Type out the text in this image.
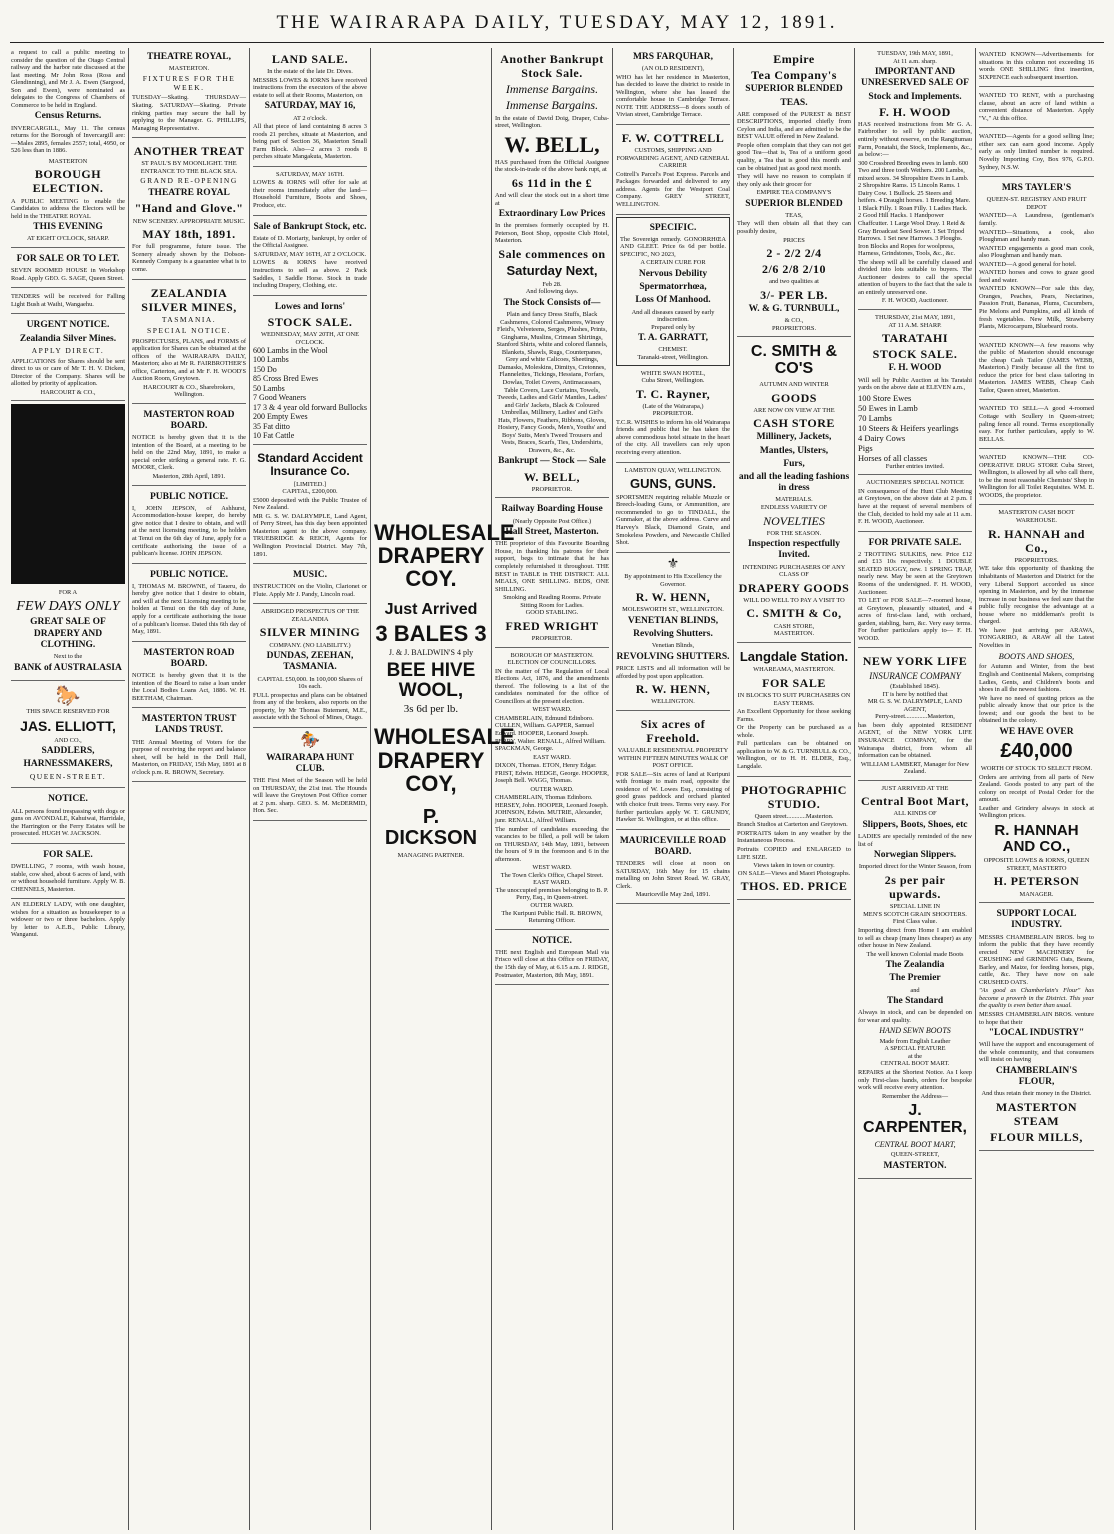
THE WAIRARAPA DAILY, TUESDAY, MAY 12, 1891.
a request to call a public meeting to consider the question of the Otago Central railway and the harbor rate discussed at the last meeting. Mr John Ross (Ross and Glendinning), and Mr J. A. Ewen (Sargood, Son and Ewen), were nominated as delegates to the Congress of Chambers of Commerce to be held in England.
Census Returns.
INVERCARGILL, May 11. The census returns for the Borough of Invercargill are:—Males 2895, females 2557; total, 4950, or 526 less than in 1886.
MASTERTON
BOROUGH ELECTION.
A PUBLIC MEETING to enable the Candidates to address the Electors will be held in the THEATRE ROYAL
THIS EVENING
AT EIGHT O'CLOCK, SHARP.
FOR SALE OR TO LET.
SEVEN ROOMED HOUSE in Workshop Road. Apply GEO. G. SAGE, Queen Street.
TENDERS will be received for Falling Light Bush at Waihi, Wangaehu.
URGENT NOTICE.
Zealandia Silver Mines.
APPLY DIRECT.
APPLICATIONS for Shares should be sent direct to us or care of Mr T. H. V. Dicken, Director of the Company. Shares will be allotted by priority of application.
HARCOURT & CO.,
FOR A
FEW DAYS ONLY
GREAT SALE OF DRAPERY AND CLOTHING.
Next to the
BANK of AUSTRALASIA
🐎
THIS SPACE RESERVED FOR
JAS. ELLIOTT,
AND CO.,
SADDLERS,
HARNESSMAKERS,
QUEEN-STREET.
NOTICE.
ALL persons found trespassing with dogs or guns on AVONDALE, Kahuiwai, Harridale, the Harrington or the Ferry Estates will be prosecuted. HUGH W. JACKSON.
FOR SALE.
DWELLING, 7 rooms, with wash house, stable, cow shed, about 6 acres of land, with or without household furniture. Apply W. B. CHENNELS, Masterton.
AN ELDERLY LADY, with one daughter, wishes for a situation as housekeeper to a widower or two or three bachelors. Apply by letter to A.E.B., Public Library, Wanganui.
THEATRE ROYAL,
MASTERTON.
FIXTURES FOR THE WEEK.
TUESDAY—Skating. THURSDAY—Skating. SATURDAY—Skating. Private rinking parties may secure the hall by applying to the Manager. G. PHILLIPS, Managing Representative.
ANOTHER TREAT
ST PAUL'S BY MOONLIGHT. THE ENTRANCE TO THE BLACK SEA.
GRAND RE-OPENING
THEATRE ROYAL
"Hand and Glove."
NEW SCENERY. APPROPRIATE MUSIC.
MAY 18th, 1891.
For full programme, future issue. The Scenery already shown by the Dobson-Kennedy Company is a guarantee what is to come.
ZEALANDIA SILVER MINES,
TASMANIA.
SPECIAL NOTICE.
PROSPECTUSES, PLANS, and FORMS of application for Shares can be obtained at the offices of the WAIRARAPA DAILY, Masterton; also at Mr R. FAIRBROTHER'S office, Carterton, and at Mr F. H. WOOD'S Auction Room, Greytown.
HARCOURT & CO., Sharebrokers, Wellington.
MASTERTON ROAD BOARD.
NOTICE is hereby given that it is the intention of the Board, at a meeting to be held on the 22nd May, 1891, to make a special order striking a general rate. F. G. MOORE, Clerk.
Masterton, 28th April, 1891.
PUBLIC NOTICE.
I, JOHN JEPSON, of Ashhurst, Accommodation-house keeper, do hereby give notice that I desire to obtain, and will at the next licensing meeting, to be holden at Tenui on the 6th day of June, apply for a certificate authorising the issue of a publican's license. JOHN JEPSON.
PUBLIC NOTICE.
I, THOMAS M. BROWNE, of Taueru, do hereby give notice that I desire to obtain, and will at the next Licensing meeting to be holden at Tenui on the 6th day of June, apply for a certificate authorising the issue of a publican's license. Dated this 6th day of May, 1891.
MASTERTON ROAD BOARD.
NOTICE is hereby given that it is the intention of the Board to raise a loan under the Local Bodies Loans Act, 1886. W. H. BEETHAM, Chairman.
MASTERTON TRUST LANDS TRUST.
THE Annual Meeting of Voters for the purpose of receiving the report and balance sheet, will be held in the Drill Hall, Masterton, on FRIDAY, 15th May, 1891 at 8 o'clock p.m. R. BROWN, Secretary.
LAND SALE.
In the estate of the late Dr. Dives.
MESSRS LOWES & IORNS have received instructions from the executors of the above estate to sell at their Rooms, Masterton, on
SATURDAY, MAY 16,
AT 2 o'clock.
All that piece of land containing 8 acres 3 roods 21 perches, situate at Masterton, and being part of Section 36, Masterton Small Farm Block. Also—2 acres 3 roods 8 perches situate Mangakuta, Masterton.
SATURDAY, MAY 16TH.
LOWES & IORNS will offer for sale at their rooms immediately after the land—Household Furniture, Boots and Shoes, Produce, etc.
Sale of Bankrupt Stock, etc.
Estate of D. Moriarty, bankrupt, by order of the Official Assignee.
SATURDAY, MAY 16TH, AT 2 O'CLOCK.
LOWES & IORNS have received instructions to sell as above. 2 Pack Saddles, 1 Saddle Horse. Stock in trade including Drapery, Clothing, etc.
Lowes and Iorns'
STOCK SALE.
WEDNESDAY, MAY 20TH, AT ONE O'CLOCK.
600 Lambs in the Wool
100 Lambs
150 Do
85 Cross Bred Ewes
50 Lambs
7 Good Weaners
17 3 & 4 year old forward Bullocks
200 Empty Ewes
35 Fat ditto
10 Fat Cattle
Standard Accident Insurance Co.
[LIMITED.]
CAPITAL, £200,000.
£5000 deposited with the Public Trustee of New Zealand.
MR G. S. W. DALRYMPLE, Land Agent, of Perry Street, has this day been appointed Masterton agent to the above company. TRUEBRIDGE & REICH, Agents for Wellington Provincial District. May 7th, 1891.
MUSIC.
INSTRUCTION on the Violin, Clarionet or Flute. Apply Mr J. Pandy, Lincoln road.
ABRIDGED PROSPECTUS OF THE ZEALANDIA
SILVER MINING
COMPANY. (NO LIABILITY.)
DUNDAS, ZEEHAN, TASMANIA.
CAPITAL £50,000. In 100,000 Shares of 10s each.
FULL prospectus and plans can be obtained from any of the brokers, also reports on the property, by Mr Thomas Butement, M.E., associate with the School of Mines, Otago.
🏇
WAIRARAPA HUNT CLUB.
THE First Meet of the Season will be held on THURSDAY, the 21st inst. The Hounds will leave the Greytown Post Office corner at 2 p.m. sharp. GEO. S. M. McDERMID, Hon. Sec.
WHOLESALE DRAPERY COY.
Just Arrived
3 BALES 3
J. & J. BALDWIN'S 4 ply
BEE HIVE WOOL,
3s 6d per lb.
WHOLESALE DRAPERY COY,
P. DICKSON
MANAGING PARTNER.
Another Bankrupt Stock Sale.
Immense Bargains.
Immense Bargains.
In the estate of David Doig, Draper, Cuba-street, Wellington.
W. BELL,
HAS purchased from the Official Assignee the stock-in-trade of the above bank rupt, at
6s 11d in the £
And will clear the stock out in a short time at
Extraordinary Low Prices
In the premises formerly occupied by H. Peterson, Boot Shop, opposite Club Hotel, Masterton.
Sale commences on
Saturday Next,
Feb 28.
And following days.
The Stock Consists of—
Plain and fancy Dress Stuffs, Black Cashmeres, Colored Cashmeres, Winsey Fleid's, Velveteens, Serges, Plushes, Prints, Ginghams, Muslins, Crimean Shirtings, Stanford Shirts, white and colored flannels, Blankets, Shawls, Rugs, Counterpanes, Grey and white Calicoes, Sheetings, Damasks, Moleskins, Dimitys, Cretonnes, Flannelettes, Tickings, Hessians, Forfars, Dowlas, Toilet Covers, Antimacassars, Table Covers, Lace Curtains, Towels, Tweeds, Ladies and Girls' Mantles, Ladies' and Girls' Jackets, Black & Coloured Umbrellas, Millinery, Ladies' and Girl's Hats, Flowers, Feathers, Ribbons, Gloves, Hosiery, Fancy Goods, Men's, Youths' and Boys' Suits, Men's Tweed Trousers and Vests, Braces, Scarfs, Ties, Undershirts, Drawers, &c., &c.
Bankrupt — Stock — Sale
W. BELL,
PROPRIETOR.
Railway Boarding House
(Nearly Opposite Post Office.)
Hall Street, Masterton.
THE proprietor of this Favourite Boarding House, in thanking his patrons for their support, begs to intimate that he has completely refurnished it throughout. THE BEST in TABLE in THE DISTRICT. ALL MEALS, ONE SHILLING. BEDS, ONE SHILLING.
Smoking and Reading Rooms. Private Sitting Room for Ladies.
GOOD STABLING.
FRED WRIGHT
PROPRIETOR.
BOROUGH OF MASTERTON.
ELECTION OF COUNCILLORS.
IN the matter of The Regulation of Local Elections Act, 1876, and the amendments thereof. The following is a list of the candidates nominated for the office of Councillors at the present election.
WEST WARD.
CHAMBERLAIN, Edmund Edinboro. CULLEN, William. GAPPER, Samuel Edward. HOOPER, Leonard Joseph. PERRY, Walter. RENALL, Alfred William. SPACKMAN, George.
EAST WARD.
DIXON, Thomas. ETON, Henry Edgar. FRIST, Edwin. HEDGE, George. HOOPER, Joseph Bell. WAGG, Thomas.
OUTER WARD.
CHAMBERLAIN, Thomas Edinboro. HERSEY, John. HOOPER, Leonard Joseph. JOHNSON, Edwin. MUTRIE, Alexander, junr. RENALL, Alfred William.
The number of candidates exceeding the vacancies to be filled, a poll will be taken on THURSDAY, 14th May, 1891, between the hours of 9 in the forenoon and 6 in the afternoon.
WEST WARD.
The Town Clerk's Office, Chapel Street.
EAST WARD.
The unoccupied premises belonging to B. P. Perry, Esq., in Queen-street.
OUTER WARD.
The Kuripuni Public Hall. R. BROWN, Returning Officer.
NOTICE.
THE next English and European Mail via Frisco will close at this Office on FRIDAY, the 15th day of May, at 6.15 a.m. J. RIDGE, Postmaster, Masterton, 8th May, 1891.
MRS FARQUHAR,
(AN OLD RESIDENT),
WHO has let her residence in Masterton, has decided to leave the district to reside in Wellington, where she has leased the comfortable house in Cambridge Terrace. NOTE THE ADDRESS—8 doors south of Vivian street, Cambridge Terrace.
F. W. COTTRELL
CUSTOMS, SHIPPING AND FORWARDING AGENT, AND GENERAL CARRIER
Cottrell's Parcel's Post Express. Parcels and Packages forwarded and delivered to any address. Agents for the Westport Coal Company. GREY STREET, WELLINGTON.
SPECIFIC.
The Sovereign remedy. GONORRHŒA AND GLEET. Price 6s 6d per bottle. SPECIFIC, NO 2023,
A CERTAIN CURE FOR
Nervous Debility
Spermatorrhœa,
Loss Of Manhood.
And all diseases caused by early indiscretion.
Prepared only by
T. A. GARRATT,
CHEMIST.
Taranaki-street, Wellington.
WHITE SWAN HOTEL,
Cuba Street, Wellington.
T. C. Rayner,
(Late of the Wairarapa,)
PROPRIETOR.
T.C.R. WISHES to inform his old Wairarapa friends and public that he has taken the above commodious hotel situate in the heart of the city. All travellers can rely upon receiving every attention.
LAMBTON QUAY, WELLINGTON.
GUNS, GUNS.
SPORTSMEN requiring reliable Muzzle or Breech-loading Guns, or Ammunition, are recommended to go to TINDALL, the Gunmaker, at the above address. Curve and Harvey's Black, Diamond Grain, and Smokeless Powders, and Newcastle Chilled Shot.
⚜
By appointment to His Excellency the Governor.
R. W. HENN,
MOLESWORTH ST., WELLINGTON.
VENETIAN BLINDS,
Revolving Shutters.
Venetian Blinds,
REVOLVING SHUTTERS.
PRICE LISTS and all information will be afforded by post upon application.
R. W. HENN,
WELLINGTON.
Six acres of Freehold.
VALUABLE RESIDENTIAL PROPERTY WITHIN FIFTEEN MINUTES WALK OF POST OFFICE.
FOR SALE—Six acres of land at Kuripuni with frontage to main road, opposite the residence of W. Lowes Esq., consisting of good grass paddock and orchard planted with choice fruit trees. Terms very easy. For further particulars apply W. T. GRUNDY, Hawker St. Wellington, or at this office.
MAURICEVILLE ROAD BOARD.
TENDERS will close at noon on SATURDAY, 16th May for 15 chains metalling on John Street Road. W. GRAY, Clerk.
Mauriceville May 2nd, 1891.
Empire
Tea Company's
SUPERIOR BLENDED
TEAS.
ARE composed of the PUREST & BEST DESCRIPTIONS, imported chiefly from Ceylon and India, and are admitted to be the BEST VALUE offered in New Zealand.
People often complain that they can not get good Tea—that is, Tea of a uniform good quality, a Tea that is good this month and can be obtained just as good next month.
They will have no reason to complain if they only ask their grocer for
EMPIRE TEA COMPANY'S
SUPERIOR BLENDED
TEAS,
They will then obtain all that they can possibly desire,
PRICES
2 - 2/2 2/4
2/6 2/8 2/10
and two qualities at
3/- PER LB.
W. & G. TURNBULL,
& CO.,
PROPRIETORS.
C. SMITH & CO'S
AUTUMN AND WINTER
GOODS
ARE NOW ON VIEW AT THE
CASH STORE
Millinery, Jackets,
Mantles, Ulsters,
Furs,
and all the leading fashions in dress
MATERIALS.
ENDLESS VARIETY OF
NOVELTIES
FOR THE SEASON.
Inspection respectfully Invited.
INTENDING PURCHASERS OF ANY CLASS OF
DRAPERY GOODS
WILL DO WELL TO PAY A VISIT TO
C. SMITH & Co,
CASH STORE,
MASTERTON.
Langdale Station.
WHAREAMA, MASTERTON.
FOR SALE
IN BLOCKS TO SUIT PURCHASERS ON EASY TERMS.
An Excellent Opportunity for those seeking Farms.
Or the Property can be purchased as a whole.
Full particulars can be obtained on application to W. & G. TURNBULL & CO., Wellington, or to H. H. ELDER, Esq., Langdale.
PHOTOGRAPHIC STUDIO.
Queen street............Masterton.
Branch Studios at Carterton and Greytown.
PORTRAITS taken in any weather by the Instantaneous Process.
Portraits COPIED and ENLARGED to LIFE SIZE.
Views taken in town or country.
ON SALE—Views and Maori Photographs.
THOS. ED. PRICE
TUESDAY, 19th MAY, 1891,
At 11 a.m. sharp.
IMPORTANT AND UNRESERVED SALE OF
Stock and Implements.
F. H. WOOD
HAS received instructions from Mr G. A. Fairbrother to sell by public auction, entirely without reserve, on the Rangitumau Farm, Ponatahi, the Stock, Implements, &c., as below:—
300 Crossbred Breeding ewes in lamb. 600 Two and three tooth Wethers. 200 Lambs, mixed sexes. 34 Shropshire Ewes in Lamb. 2 Shropshire Rams. 15 Lincoln Rams. 1 Dairy Cow. 1 Bullock. 25 Steers and heifers. 4 Draught horses. 1 Breeding Mare. 1 Black Filly. 1 Roan Filly. 1 Ladies Hack. 2 Good Hill Hacks. 1 Handpower Chaffcutter. 1 Large Wool Dray. 1 Reid & Gray Broadcast Seed Sower. 1 Set Tripod Harrows. 1 Set new Harrows. 3 Ploughs. Iron Blocks and Ropes for woolpress, Harness, Grindstones, Tools, &c., &c.
The sheep will all be carefully classed and divided into lots suitable to buyers. The Auctioneer desires to call the special attention of buyers to the fact that the sale is an entirely unreserved one.
F. H. WOOD, Auctioneer.
THURSDAY, 21st MAY, 1891,
AT 11 A.M. SHARP.
TARATAHI
STOCK SALE.
F. H. WOOD
Will sell by Public Auction at his Taratahi yards on the above date at ELEVEN a.m.,
100 Store Ewes
50 Ewes in Lamb
70 Lambs
10 Steers & Heifers yearlings
4 Dairy Cows
Pigs
Horses of all classes
Further entries invited.
AUCTIONEER'S SPECIAL NOTICE
IN consequence of the Hunt Club Meeting at Greytown, on the above date at 2 p.m. I have at the request of several members of the Club, decided to hold my sale at 11 a.m. F. H. WOOD, Auctioneer.
FOR PRIVATE SALE.
2 TROTTING SULKIES, new. Price £12 and £13 10s respectively. 1 DOUBLE SEATED BUGGY, new. 1 SPRING TRAP, nearly new. May be seen at the Greytown Rooms of the undersigned. F. H. WOOD, Auctioneer.
TO LET or FOR SALE—7-roomed house, at Greytown, pleasantly situated, and 4 acres of first-class land, with orchard, garden, stabling, barn, &c. Very easy terms. For further particulars apply to— F. H. WOOD.
NEW YORK LIFE
INSURANCE COMPANY
(Established 1845).
IT is here by notified that
MR G. S. W. DALRYMPLE, LAND AGENT,
Perry-street..............Masterton,
has been duly appointed RESIDENT AGENT, of the NEW YORK LIFE INSURANCE COMPANY, for the Wairarapa district, from whom all information can be obtained.
WILLIAM LAMBERT, Manager for New Zealand.
JUST ARRIVED AT THE
Central Boot Mart,
ALL KINDS OF
Slippers, Boots, Shoes, etc
LADIES are specially reminded of the new list of
Norwegian Slippers.
Imported direct for the Winter Season, from
2s per pair upwards.
SPECIAL LINE IN
MEN'S SCOTCH GRAIN SHOOTERS.
First Class value.
Importing direct from Home I am enabled to sell as cheap (many lines cheaper) as any other house in New Zealand.
The well known Colonial made Boots
The Zealandia
The Premier
and
The Standard
Always in stock, and can be depended on for wear and quality.
HAND SEWN BOOTS
Made from English Leather
A SPECIAL FEATURE
at the
CENTRAL BOOT MART.
REPAIRS at the Shortest Notice. As I keep only First-class hands, orders for bespoke work will receive every attention.
Remember the Address—
J. CARPENTER,
CENTRAL BOOT MART,
QUEEN-STREET,
MASTERTON.
WANTED KNOWN—Advertisements for situations in this column not exceeding 16 words ONE SHILLING first insertion, SIXPENCE each subsequent insertion.
WANTED TO RENT, with a purchasing clause, about an acre of land within a convenient distance of Masterton. Apply "V.," At this office.
WANTED—Agents for a good selling line; either sex can earn good income. Apply early as only limited number is required. Novelty Importing Coy, Box 976, G.P.O. Sydney, N.S.W.
MRS TAYLER'S
QUEEN-ST. REGISTRY AND FRUIT DEPOT
WANTED—A Laundress, (gentleman's family.
WANTED—Situations, a cook, also Ploughman and handy man.
WANTED engagements a good man cook, also Ploughman and handy man.
WANTED—A good general for hotel.
WANTED horses and cows to graze good feed and water.
WANTED KNOWN—For sale this day, Oranges, Peaches, Pears, Nectarines, Passion Fruit, Bananas, Plums, Cucumbers, Pie Melons and Pumpkins, and all kinds of fresh vegetables. New Milk, Strawberry Plants, Microcarpum, Bluebeard roots.
WANTED KNOWN—A few reasons why the public of Masterton should encourage the cheap Cash Tailor (JAMES WEBB, Masterton.) Firstly because all the first to reduce the price for best class tailoring in Masterton. JAMES WEBB, Cheap Cash Tailor, Queen street, Masterton.
WANTED TO SELL—A good 4-roomed Cottage with Scullery in Queen-street; paling fence all round. Terms exceptionally easy. For further particulars, apply to W. BELLAS.
WANTED KNOWN—THE CO-OPERATIVE DRUG STORE Cuba Street, Wellington, is allowed by all who call there, to be the most reasonable Chemists' Shop in Wellington for all Toilet Requisites. WM. E. WOODS, the proprietor.
MASTERTON CASH BOOT WAREHOUSE.
R. HANNAH and Co.,
PROPRIETORS.
WE take this opportunity of thanking the inhabitants of Masterton and District for the very Liberal Support accorded us since opening in Masterton, and by the immense increase in our business we feel sure that the public fully recognise the advantage at a house where no middleman's profit is charged.
We have just arriving per ARAWA, TONGARIRO, & ARAW all the Latest Novelties in
BOOTS AND SHOES,
for Autumn and Winter, from the best English and Continental Makers, comprising Ladies, Gents, and Children's boots and shoes in all the newest fashions.
We have no need of quoting prices as the public already know that our price is the lowest; and our goods the best to be obtained in the colony.
WE HAVE OVER
£40,000
WORTH OF STOCK TO SELECT FROM.
Orders are arriving from all parts of New Zealand. Goods posted to any part of the colony on receipt of Postal Order for the amount.
Leather and Grindery always in stock at Wellington prices.
R. HANNAH AND CO.,
OPPOSITE LOWES & IORNS, QUEEN STREET, MASTERTO
H. PETERSON
MANAGER.
SUPPORT LOCAL INDUSTRY.
MESSRS CHAMBERLAIN BROS. beg to inform the public that they have recently erected NEW MACHINERY for CRUSHING and GRINDING Oats, Beans, Barley, and Maize, for feeding horses, pigs, cattle, &c. They have now on sale CRUSHED OATS.
"As good as Chamberlain's Flour" has become a proverb in the District. This year the quality is even better than usual.
MESSRS CHAMBERLAIN BROS. venture to hope that their
"LOCAL INDUSTRY"
Will have the support and encouragement of the whole community, and that consumers will insist on having
CHAMBERLAIN'S FLOUR,
And thus retain their money in the District.
MASTERTON STEAM
FLOUR MILLS,
